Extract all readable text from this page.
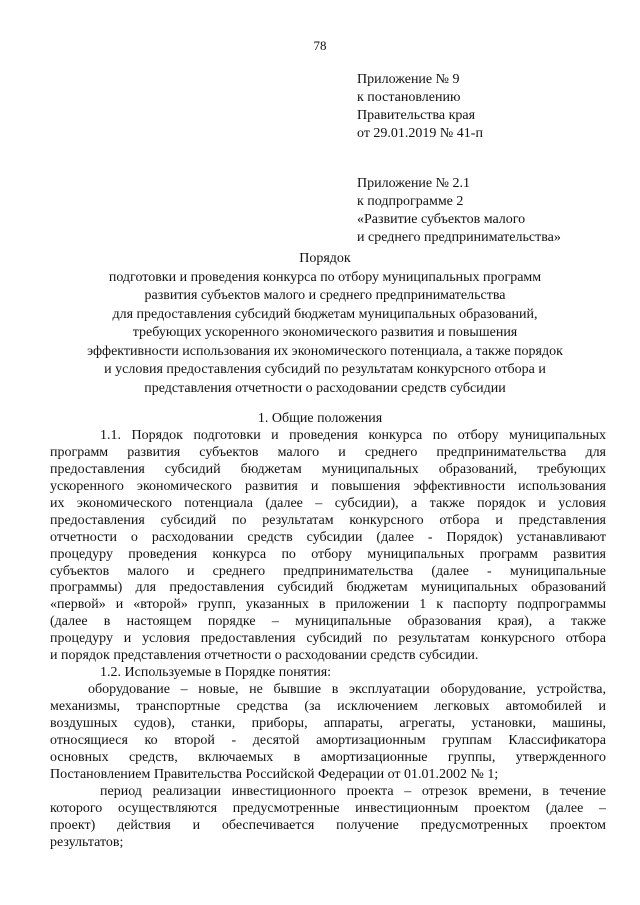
78
Приложение № 9
к постановлению
Правительства края
от 29.01.2019 № 41-п
Приложение № 2.1
к подпрограмме 2
«Развитие субъектов малого
и среднего предпринимательства»
Порядок
подготовки и проведения конкурса по отбору муниципальных программ
развития субъектов малого и среднего предпринимательства
для предоставления субсидий бюджетам муниципальных образований,
требующих ускоренного экономического развития и повышения
эффективности использования их экономического потенциала, а также порядок
и условия предоставления субсидий по результатам конкурсного отбора и
представления отчетности о расходовании средств субсидии
1. Общие положения
1.1. Порядок подготовки и проведения конкурса по отбору муниципальных
программ развития субъектов малого и среднего предпринимательства для
предоставления субсидий бюджетам муниципальных образований, требующих
ускоренного экономического развития и повышения эффективности использования
их экономического потенциала (далее – субсидии), а также порядок и условия
предоставления субсидий по результатам конкурсного отбора и представления
отчетности о расходовании средств субсидии (далее - Порядок) устанавливают
процедуру проведения конкурса по отбору муниципальных программ развития
субъектов малого и среднего предпринимательства (далее - муниципальные
программы) для предоставления субсидий бюджетам муниципальных образований
«первой» и «второй» групп, указанных в приложении 1 к паспорту подпрограммы
(далее в настоящем порядке – муниципальные образования края), а также
процедуру и условия предоставления субсидий по результатам конкурсного отбора
и порядок представления отчетности о расходовании средств субсидии.
1.2. Используемые в Порядке понятия:
оборудование – новые, не бывшие в эксплуатации оборудование, устройства,
механизмы, транспортные средства (за исключением легковых автомобилей и
воздушных судов), станки, приборы, аппараты, агрегаты, установки, машины,
относящиеся ко второй - десятой амортизационным группам Классификатора
основных средств, включаемых в амортизационные группы, утвержденного
Постановлением Правительства Российской Федерации от 01.01.2002 № 1;
период реализации инвестиционного проекта – отрезок времени, в течение
которого осуществляются предусмотренные инвестиционным проектом (далее –
проект) действия и обеспечивается получение предусмотренных проектом
результатов;
